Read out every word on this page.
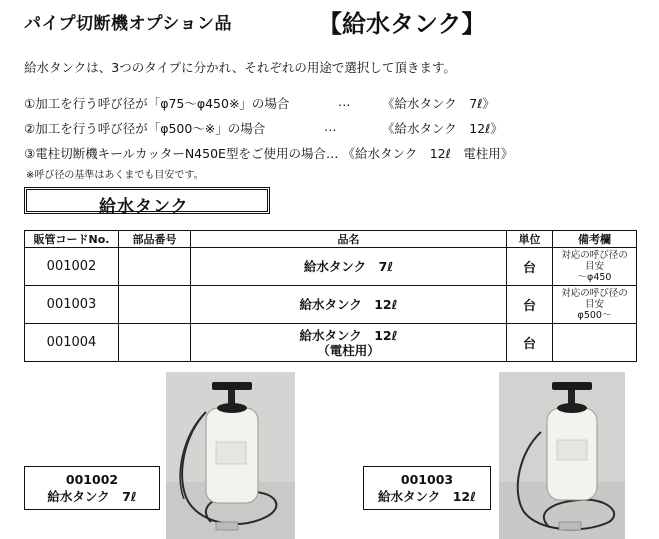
パイプ切断機オプション品	【給水タンク】
給水タンクは、3つのタイプに分かれ、それぞれの用途で選択して頂きます。
①加工を行う呼び径が「φ75～φ450※」の場合	…	《給水タンク　7ℓ》
②加工を行う呼び径が「φ500～※」の場合	…	《給水タンク　12ℓ》
③電柱切断機キールカッターN450E型をご使用の場合… 《給水タンク　12ℓ　電柱用》
※呼び径の基準はあくまでも目安です。
給水タンク
販管コードNo.	部品番号	品名	単位	備考欄
001002		給水タンク　7ℓ	台	対応の呼び径の
目安
～φ450

001003		給水タンク　12ℓ	台	対応の呼び径の
目安
φ500～

001004		給水タンク　12ℓ
（電柱用）	台	
001002
給水タンク　7ℓ
001003
給水タンク　12ℓ
